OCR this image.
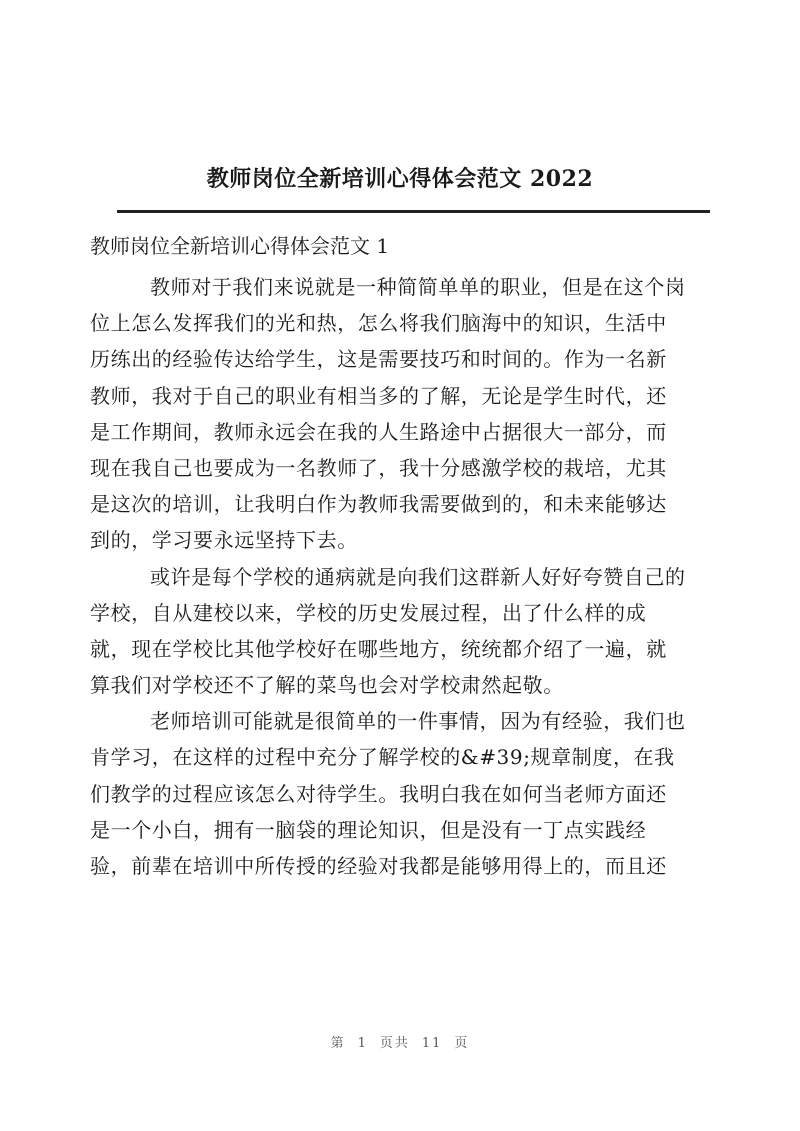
教师岗位全新培训心得体会范文 2022
教师岗位全新培训心得体会范文 1
教师对于我们来说就是一种简简单单的职业，但是在这个岗
位上怎么发挥我们的光和热，怎么将我们脑海中的知识，生活中
历练出的经验传达给学生，这是需要技巧和时间的。作为一名新
教师，我对于自己的职业有相当多的了解，无论是学生时代，还
是工作期间，教师永远会在我的人生路途中占据很大一部分，而
现在我自己也要成为一名教师了，我十分感激学校的栽培，尤其
是这次的培训，让我明白作为教师我需要做到的，和未来能够达
到的，学习要永远坚持下去。
或许是每个学校的通病就是向我们这群新人好好夸赞自己的
学校，自从建校以来，学校的历史发展过程，出了什么样的成
就，现在学校比其他学校好在哪些地方，统统都介绍了一遍，就
算我们对学校还不了解的菜鸟也会对学校肃然起敬。
老师培训可能就是很简单的一件事情，因为有经验，我们也
肯学习，在这样的过程中充分了解学校的&#39;规章制度，在我
们教学的过程应该怎么对待学生。我明白我在如何当老师方面还
是一个小白，拥有一脑袋的理论知识，但是没有一丁点实践经
验，前辈在培训中所传授的经验对我都是能够用得上的，而且还
第 1 页共 11 页
